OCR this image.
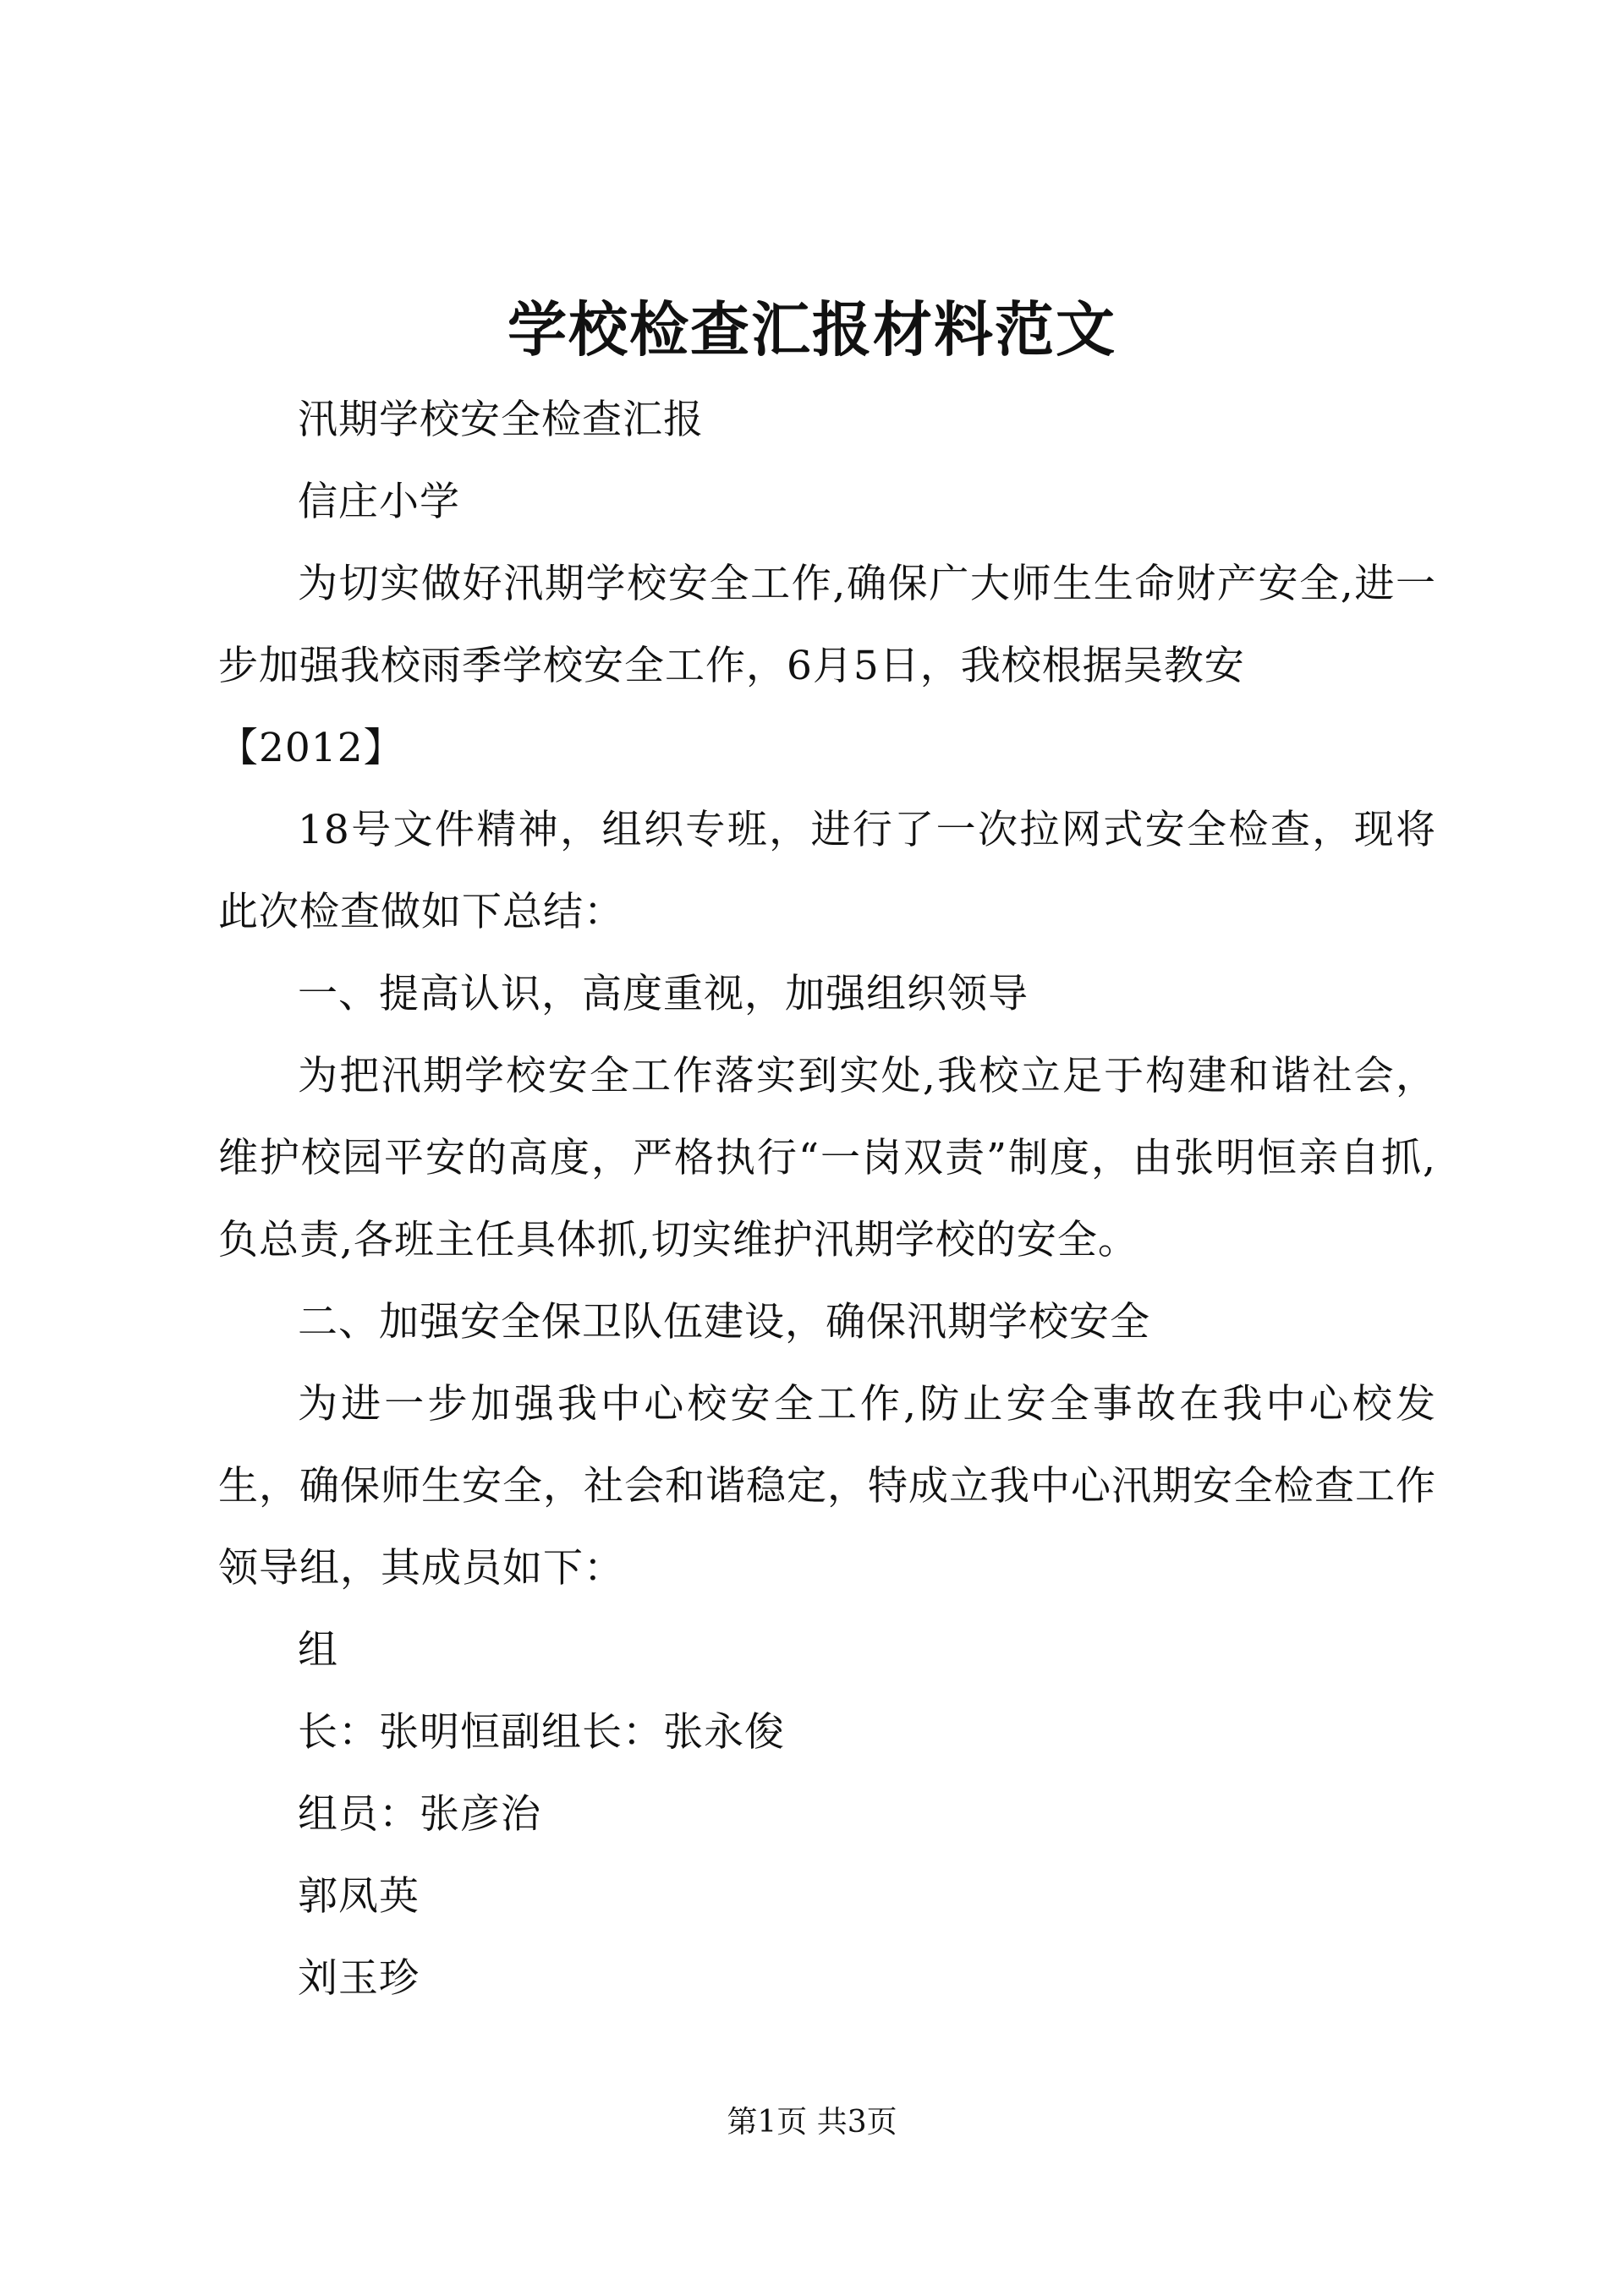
学校检查汇报材料范文

汛期学校安全检查汇报

信庄小学

为切实做好汛期学校安全工作,确保广大师生生命财产安全,进一步加强我校雨季学校安全工作，6月5日，我校根据吴教安

【2012】

18号文件精神，组织专班，进行了一次拉网式安全检查，现将此次检查做如下总结：

一、提高认识，高度重视，加强组织领导

为把汛期学校安全工作落实到实处,我校立足于构建和谐社会，维护校园平安的高度，严格执行“一岗双责”制度，由张明恒亲自抓,负总责,各班主任具体抓,切实维护汛期学校的安全。

二、加强安全保卫队伍建设，确保汛期学校安全

为进一步加强我中心校安全工作,防止安全事故在我中心校发生，确保师生安全，社会和谐稳定，特成立我中心汛期安全检查工作领导组，其成员如下：

组

长：张明恒副组长：张永俊

组员：张彦治

郭凤英

刘玉珍

第1页 共3页
